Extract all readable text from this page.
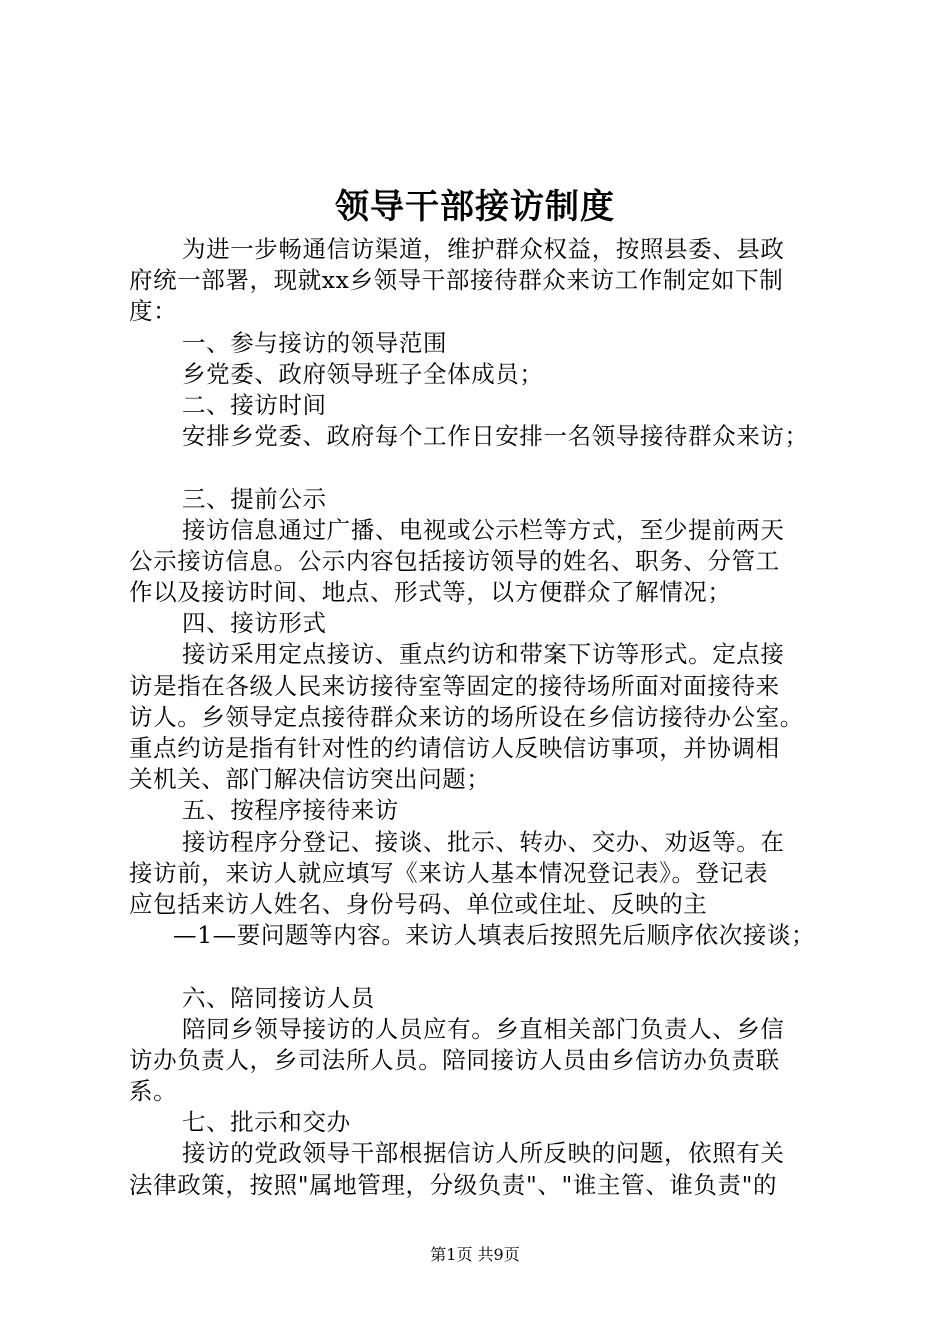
领导干部接访制度
为进一步畅通信访渠道，维护群众权益，按照县委、县政
府统一部署，现就xx乡领导干部接待群众来访工作制定如下制
度：
一、参与接访的领导范围
乡党委、政府领导班子全体成员；
二、接访时间
安排乡党委、政府每个工作日安排一名领导接待群众来访；
三、提前公示
接访信息通过广播、电视或公示栏等方式，至少提前两天
公示接访信息。公示内容包括接访领导的姓名、职务、分管工
作以及接访时间、地点、形式等，以方便群众了解情况；
四、接访形式
接访采用定点接访、重点约访和带案下访等形式。定点接
访是指在各级人民来访接待室等固定的接待场所面对面接待来
访人。乡领导定点接待群众来访的场所设在乡信访接待办公室。
重点约访是指有针对性的约请信访人反映信访事项，并协调相
关机关、部门解决信访突出问题；
五、按程序接待来访
接访程序分登记、接谈、批示、转办、交办、劝返等。在
接访前，来访人就应填写《来访人基本情况登记表》。登记表
应包括来访人姓名、身份号码、单位或住址、反映的主
—1—要问题等内容。来访人填表后按照先后顺序依次接谈；
六、陪同接访人员
陪同乡领导接访的人员应有。乡直相关部门负责人、乡信
访办负责人，乡司法所人员。陪同接访人员由乡信访办负责联
系。
七、批示和交办
接访的党政领导干部根据信访人所反映的问题，依照有关
法律政策，按照"属地管理，分级负责"、"谁主管、谁负责"的
第1页 共9页
